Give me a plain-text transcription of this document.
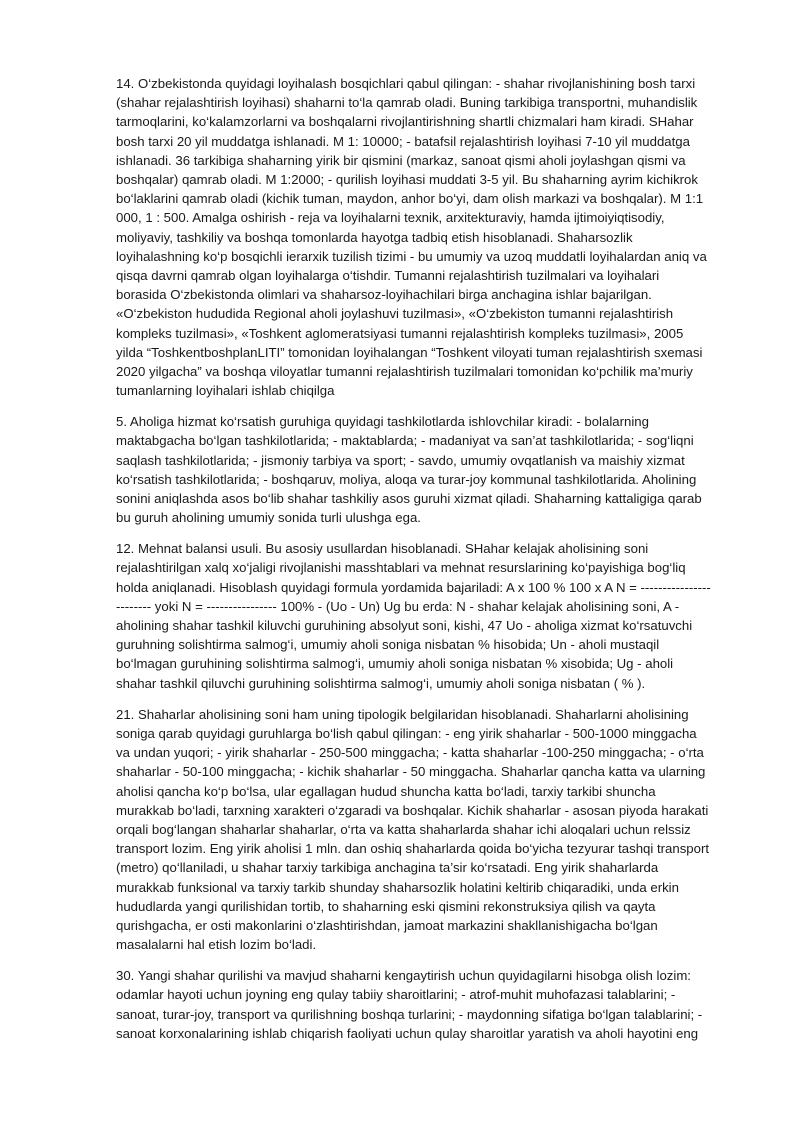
14. O‘zbekistonda quyidagi loyihalash bosqichlari qabul qilingan: - shahar rivojlanishining bosh tarxi (shahar rejalashtirish loyihasi) shaharni to‘la qamrab oladi. Buning tarkibiga transportni, muhandislik tarmoqlarini, ko‘kalamzorlarni va boshqalarni rivojlantirishning shartli chizmalari ham kiradi. SHahar bosh tarxi 20 yil muddatga ishlanadi. M 1: 10000; - batafsil rejalashtirish loyihasi 7-10 yil muddatga ishlanadi. 36 tarkibiga shaharning yirik bir qismini (markaz, sanoat qismi aholi joylashgan qismi va boshqalar) qamrab oladi. M 1:2000; - qurilish loyihasi muddati 3-5 yil. Bu shaharning ayrim kichikrok bo‘laklarini qamrab oladi (kichik tuman, maydon, anhor bo‘yi, dam olish markazi va boshqalar). M 1:1 000, 1 : 500. Amalga oshirish - reja va loyihalarni texnik, arxitekturaviy, hamda ijtimoiyiqtisodiy, moliyaviy, tashkiliy va boshqa tomonlarda hayotga tadbiq etish hisoblanadi. Shaharsozlik loyihalashning ko‘p bosqichli ierarxik tuzilish tizimi - bu umumiy va uzoq muddatli loyihalardan aniq va qisqa davrni qamrab olgan loyihalarga o‘tishdir. Tumanni rejalashtirish tuzilmalari va loyihalari borasida O‘zbekistonda olimlari va shaharsoz-loyihachilari birga anchagina ishlar bajarilgan. «O‘zbekiston hududida Regional aholi joylashuvi tuzilmasi», «O‘zbekiston tumanni rejalashtirish kompleks tuzilmasi», «Toshkent aglomeratsiyasi tumanni rejalashtirish kompleks tuzilmasi», 2005 yilda “ToshkentboshplanLITI” tomonidan loyihalangan “Toshkent viloyati tuman rejalashtirish sxemasi 2020 yilgacha” va boshqa viloyatlar tumanni rejalashtirish tuzilmalari tomonidan ko‘pchilik ma’muriy tumanlarning loyihalari ishlab chiqilga

5. Aholiga hizmat ko‘rsatish guruhiga quyidagi tashkilotlarda ishlovchilar kiradi: - bolalarning maktabgacha bo‘lgan tashkilotlarida; - maktablarda; - madaniyat va san’at tashkilotlarida; - sog‘liqni saqlash tashkilotlarida; - jismoniy tarbiya va sport; - savdo, umumiy ovqatlanish va maishiy xizmat ko‘rsatish tashkilotlarida; - boshqaruv, moliya, aloqa va turar-joy kommunal tashkilotlarida. Aholining sonini aniqlashda asos bo‘lib shahar tashkiliy asos guruhi xizmat qiladi. Shaharning kattaligiga qarab bu guruh aholining umumiy sonida turli ulushga ega.

12. Mehnat balansi usuli. Bu asosiy usullardan hisoblanadi. SHahar kelajak aholisining soni rejalashtirilgan xalq xo‘jaligi rivojlanishi masshtablari va mehnat resurslarining ko‘payishiga bog‘liq holda aniqlanadi. Hisoblash quyidagi formula yordamida bajariladi: A x 100 % 100 x A N = ------------------------ yoki N = ---------------- 100% - (Uo - Un) Ug bu erda: N - shahar kelajak aholisining soni, A - aholining shahar tashkil kiluvchi guruhining absolyut soni, kishi, 47 Uo - aholiga xizmat ko‘rsatuvchi guruhning solishtirma salmog‘i, umumiy aholi soniga nisbatan % hisobida; Un - aholi mustaqil bo‘lmagan guruhining solishtirma salmog‘i, umumiy aholi soniga nisbatan % xisobida; Ug - aholi shahar tashkil qiluvchi guruhining solishtirma salmog‘i, umumiy aholi soniga nisbatan ( % ).

21. Shaharlar aholisining soni ham uning tipologik belgilaridan hisoblanadi. Shaharlarni aholisining soniga qarab quyidagi guruhlarga bo‘lish qabul qilingan: - eng yirik shaharlar - 500-1000 minggacha va undan yuqori; - yirik shaharlar - 250-500 minggacha; - katta shaharlar -100-250 minggacha; - o‘rta shaharlar - 50-100 minggacha; - kichik shaharlar - 50 minggacha. Shaharlar qancha katta va ularning aholisi qancha ko‘p bo‘lsa, ular egallagan hudud shuncha katta bo‘ladi, tarxiy tarkibi shuncha murakkab bo‘ladi, tarxning xarakteri o‘zgaradi va boshqalar. Kichik shaharlar - asosan piyoda harakati orqali bog‘langan shaharlar shaharlar, o‘rta va katta shaharlarda shahar ichi aloqalari uchun relssiz transport lozim. Eng yirik aholisi 1 mln. dan oshiq shaharlarda qoida bo‘yicha tezyurar tashqi transport (metro) qo‘llaniladi, u shahar tarxiy tarkibiga anchagina ta’sir ko‘rsatadi. Eng yirik shaharlarda murakkab funksional va tarxiy tarkib shunday shaharsozlik holatini keltirib chiqaradiki, unda erkin hududlarda yangi qurilishidan tortib, to shaharning eski qismini rekonstruksiya qilish va qayta qurishgacha, er osti makonlarini o‘zlashtirishdan, jamoat markazini shakllanishigacha bo‘lgan masalalarni hal etish lozim bo‘ladi.

30. Yangi shahar qurilishi va mavjud shaharni kengaytirish uchun quyidagilarni hisobga olish lozim: odamlar hayoti uchun joyning eng qulay tabiiy sharoitlarini; - atrof-muhit muhofazasi talablarini; - sanoat, turar-joy, transport va qurilishning boshqa turlarini; - maydonning sifatiga bo‘lgan talablarini; - sanoat korxonalarining ishlab chiqarish faoliyati uchun qulay sharoitlar yaratish va aholi hayotini eng
